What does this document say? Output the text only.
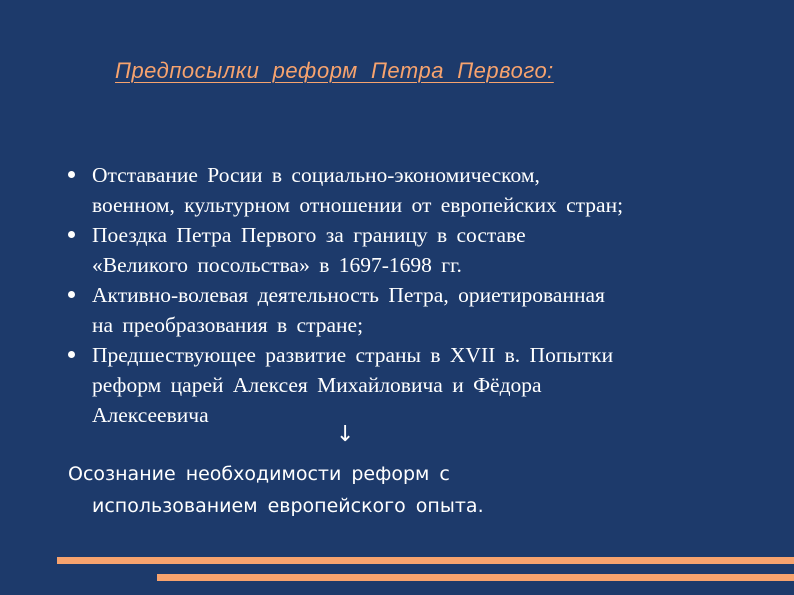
Предпосылки  реформ  Петра  Первого:
Отставание Росии в социально-экономическом,
военном, культурном отношении от европейских стран;
Поездка Петра Первого за границу в составе
«Великого посольства» в 1697-1698 гг.
Активно-волевая деятельность Петра, ориетированная
на преобразования в стране;
Предшествующее развитие страны в XVII в. Попытки
реформ царей Алексея Михайловича и Фёдора
Алексеевича
↓
Осознание необходимости реформ с
использованием европейского опыта.
